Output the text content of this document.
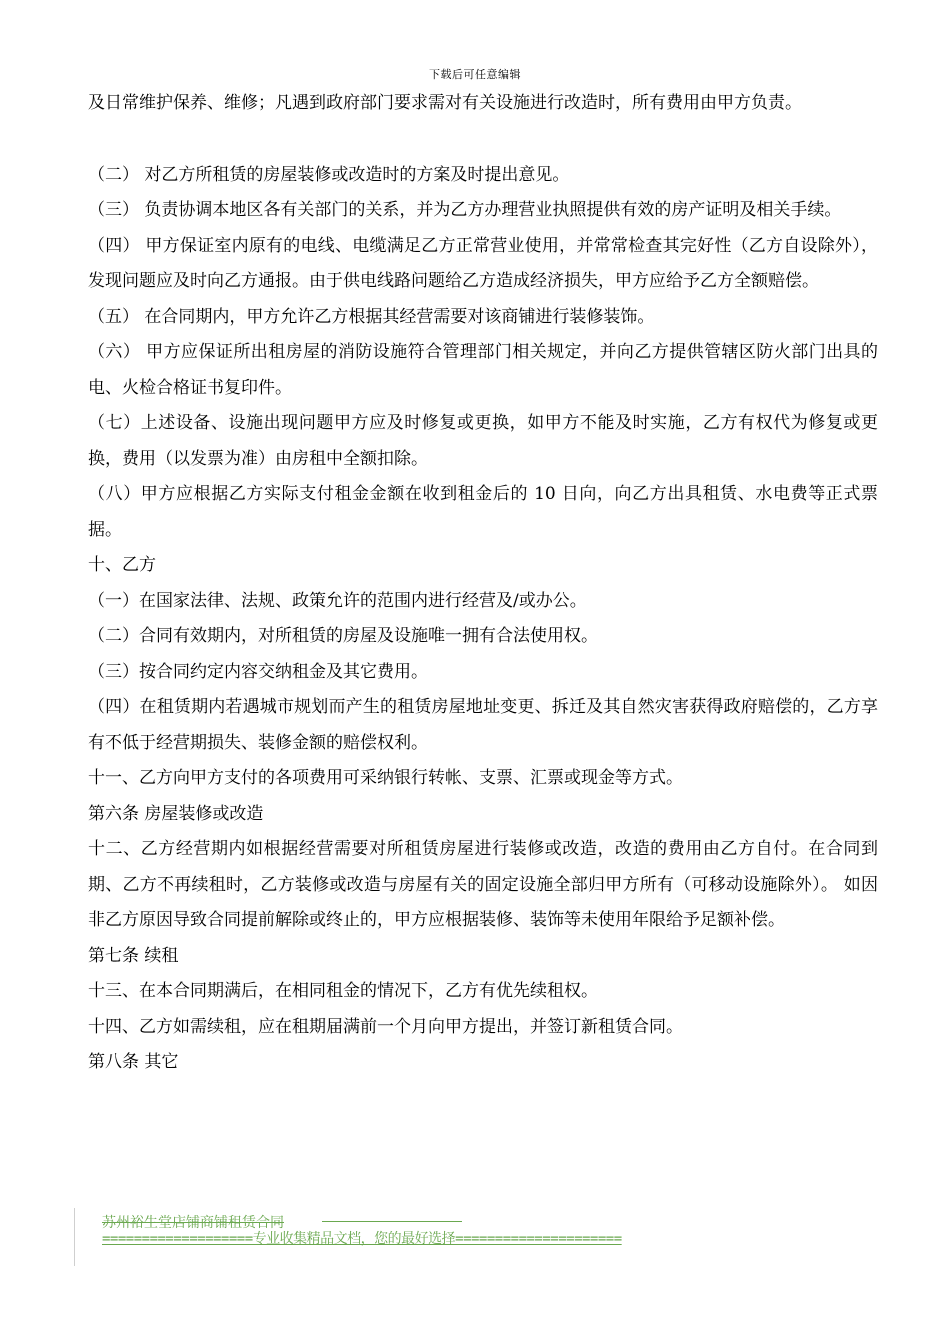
下载后可任意编辑

及日常维护保养、维修；凡遇到政府部门要求需对有关设施进行改造时，所有费用由甲方负责。

（二） 对乙方所租赁的房屋装修或改造时的方案及时提出意见。

（三） 负责协调本地区各有关部门的关系，并为乙方办理营业执照提供有效的房产证明及相关手续。

（四） 甲方保证室内原有的电线、电缆满足乙方正常营业使用，并常常检查其完好性（乙方自设除外），发现问题应及时向乙方通报。由于供电线路问题给乙方造成经济损失，甲方应给予乙方全额赔偿。

（五） 在合同期内，甲方允许乙方根据其经营需要对该商铺进行装修装饰。

（六） 甲方应保证所出租房屋的消防设施符合管理部门相关规定，并向乙方提供管辖区防火部门出具的电、火检合格证书复印件。

（七）上述设备、设施出现问题甲方应及时修复或更换，如甲方不能及时实施，乙方有权代为修复或更换，费用（以发票为准）由房租中全额扣除。

（八）甲方应根据乙方实际支付租金金额在收到租金后的 10 日向，向乙方出具租赁、水电费等正式票据。

十、乙方

（一）在国家法律、法规、政策允许的范围内进行经营及/或办公。

（二）合同有效期内，对所租赁的房屋及设施唯一拥有合法使用权。

（三）按合同约定内容交纳租金及其它费用。

（四）在租赁期内若遇城市规划而产生的租赁房屋地址变更、拆迁及其自然灾害获得政府赔偿的，乙方享有不低于经营期损失、装修金额的赔偿权利。

十一、乙方向甲方支付的各项费用可采纳银行转帐、支票、汇票或现金等方式。

第六条 房屋装修或改造

十二、乙方经营期内如根据经营需要对所租赁房屋进行装修或改造，改造的费用由乙方自付。在合同到期、乙方不再续租时，乙方装修或改造与房屋有关的固定设施全部归甲方所有（可移动设施除外）。 如因非乙方原因导致合同提前解除或终止的，甲方应根据装修、装饰等未使用年限给予足额补偿。

第七条 续租

十三、在本合同期满后，在相同租金的情况下，乙方有优先续租权。

十四、乙方如需续租，应在租期届满前一个月向甲方提出，并签订新租赁合同。

第八条 其它

苏州裕生堂店铺商铺租赁合同
===================专业收集精品文档，您的最好选择=====================
